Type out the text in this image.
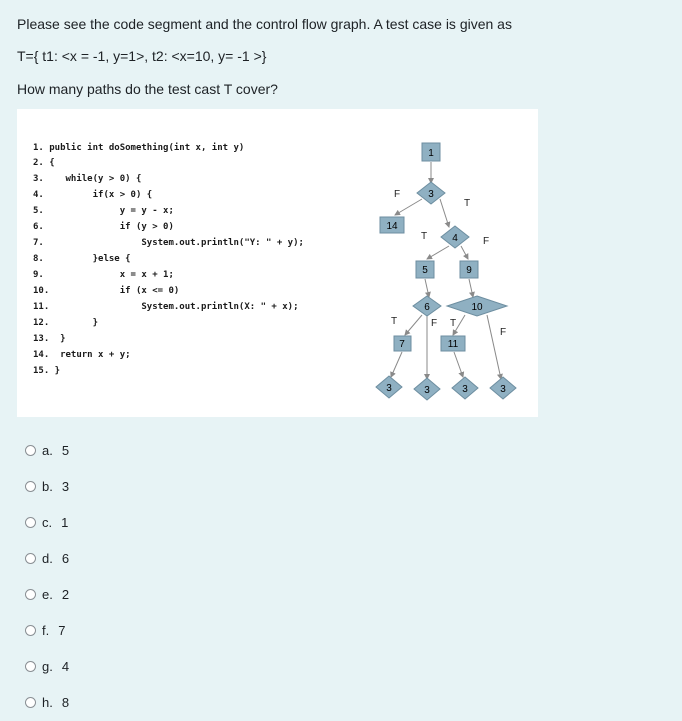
Please see the code segment and the control flow graph. A test case is given as

T={ t1: <x = -1, y=1>, t2: <x=10, y= -1 >}

How many paths do the test cast T cover?

1. public int doSomething(int x, int y)
2. {
3.    while(y > 0) {
4.         if(x > 0) {
5.              y = y - x;
6.              if (y > 0)
7.                  System.out.println("Y: " + y);
8.         }else {
9.              x = x + 1;
10.             if (x <= 0)
11.                 System.out.println(X: " + x);
12.        }
13.  }
14.  return x + y;
15. }
1
3
14
4
5	9
6	10
7	11
3	3	3	3
F
T
T	F
T	F T
F
a. 5
b. 3
c. 1
d. 6
e. 2
f. 7
g. 4
h. 8
